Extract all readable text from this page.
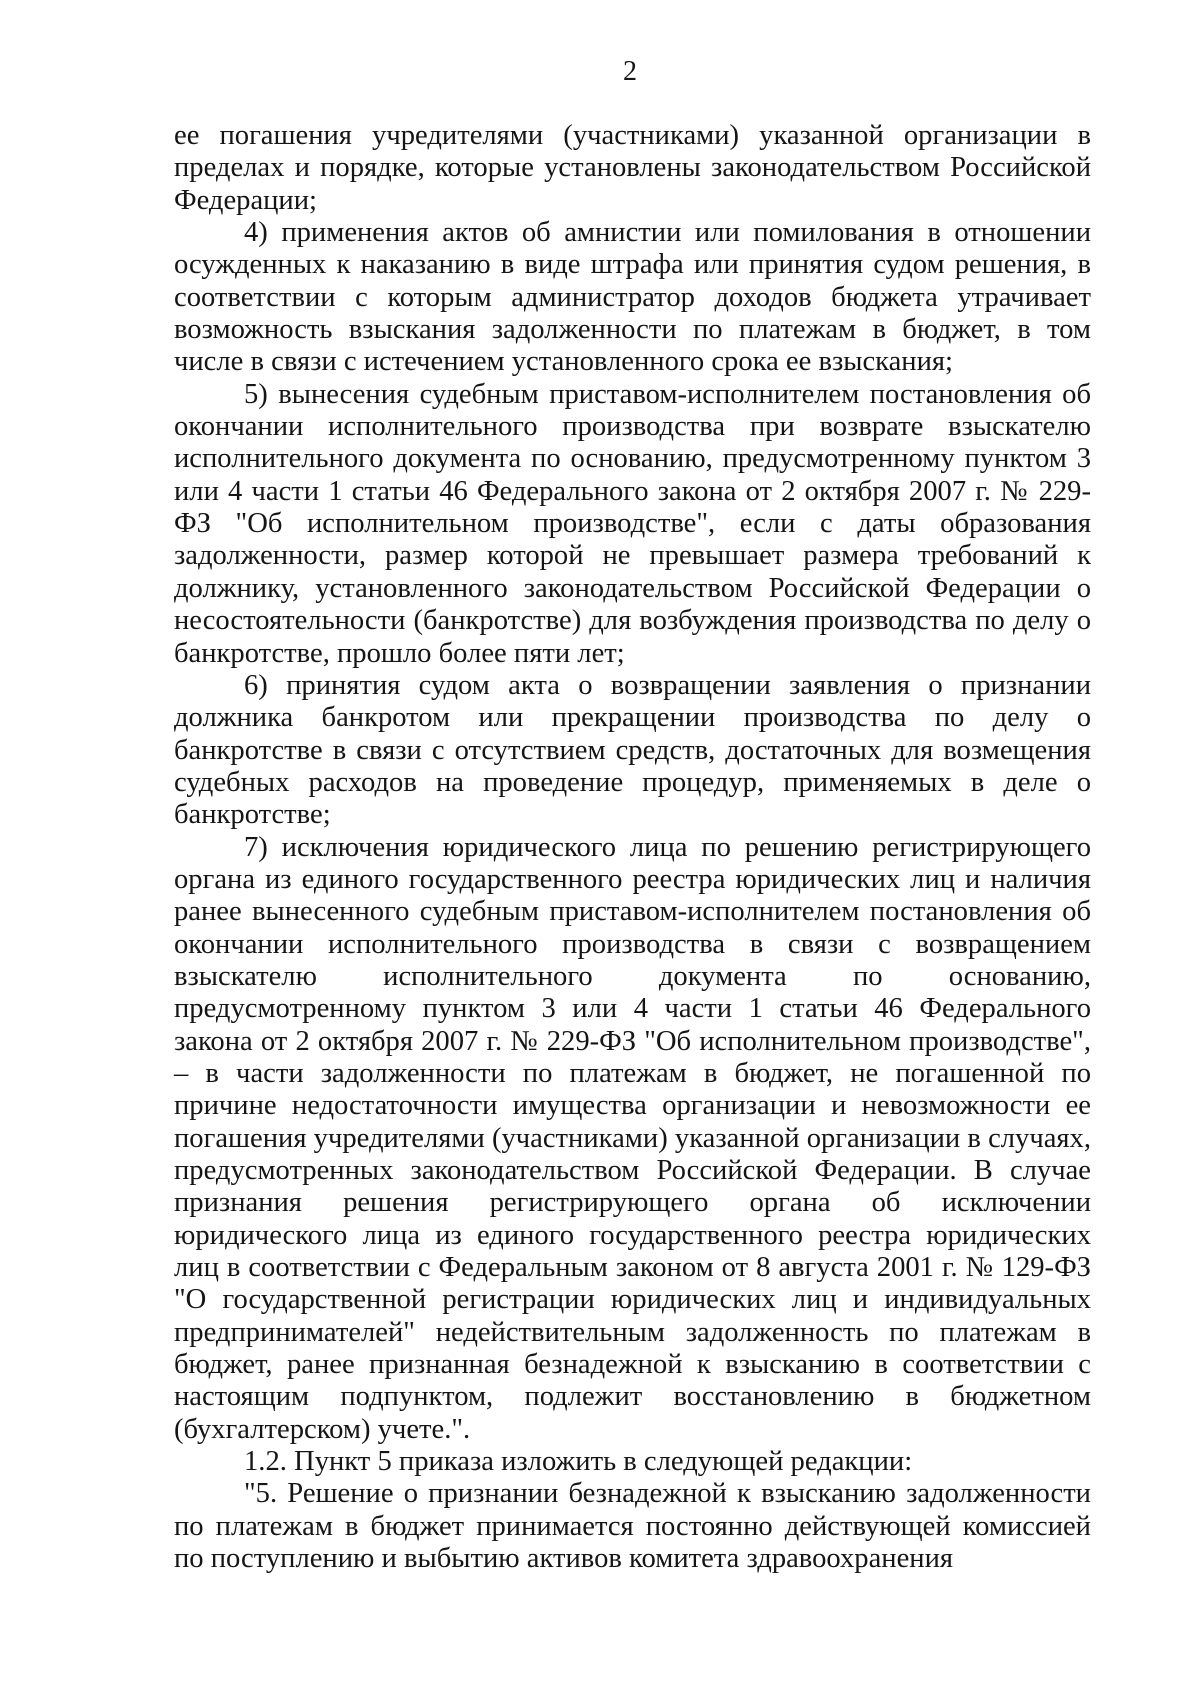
2

ее погашения учредителями (участниками) указанной организации в пределах и порядке, которые установлены законодательством Российской Федерации;

4) применения актов об амнистии или помилования в отношении осужденных к наказанию в виде штрафа или принятия судом решения, в соответствии с которым администратор доходов бюджета утрачивает возможность взыскания задолженности по платежам в бюджет, в том числе в связи с истечением установленного срока ее взыскания;

5) вынесения судебным приставом-исполнителем постановления об окончании исполнительного производства при возврате взыскателю исполнительного документа по основанию, предусмотренному пунктом 3 или 4 части 1 статьи 46 Федерального закона от 2 октября 2007 г. № 229-ФЗ "Об исполнительном производстве", если с даты образования задолженности, размер которой не превышает размера требований к должнику, установленного законодательством Российской Федерации о несостоятельности (банкротстве) для возбуждения производства по делу о банкротстве, прошло более пяти лет;

6) принятия судом акта о возвращении заявления о признании должника банкротом или прекращении производства по делу о банкротстве в связи с отсутствием средств, достаточных для возмещения судебных расходов на проведение процедур, применяемых в деле о банкротстве;

7) исключения юридического лица по решению регистрирующего органа из единого государственного реестра юридических лиц и наличия ранее вынесенного судебным приставом-исполнителем постановления об окончании исполнительного производства в связи с возвращением взыскателю исполнительного документа по основанию, предусмотренному пунктом 3 или 4 части 1 статьи 46 Федерального закона от 2 октября 2007 г. № 229-ФЗ "Об исполнительном производстве", – в части задолженности по платежам в бюджет, не погашенной по причине недостаточности имущества организации и невозможности ее погашения учредителями (участниками) указанной организации в случаях, предусмотренных законодательством Российской Федерации. В случае признания решения регистрирующего органа об исключении юридического лица из единого государственного реестра юридических лиц в соответствии с Федеральным законом от 8 августа 2001 г. № 129-ФЗ "О государственной регистрации юридических лиц и индивидуальных предпринимателей" недействительным задолженность по платежам в бюджет, ранее признанная безнадежной к взысканию в соответствии с настоящим подпунктом, подлежит восстановлению в бюджетном (бухгалтерском) учете.".

1.2. Пункт 5 приказа изложить в следующей редакции:

"5. Решение о признании безнадежной к взысканию задолженности по платежам в бюджет принимается постоянно действующей комиссией по поступлению и выбытию активов комитета здравоохранения
